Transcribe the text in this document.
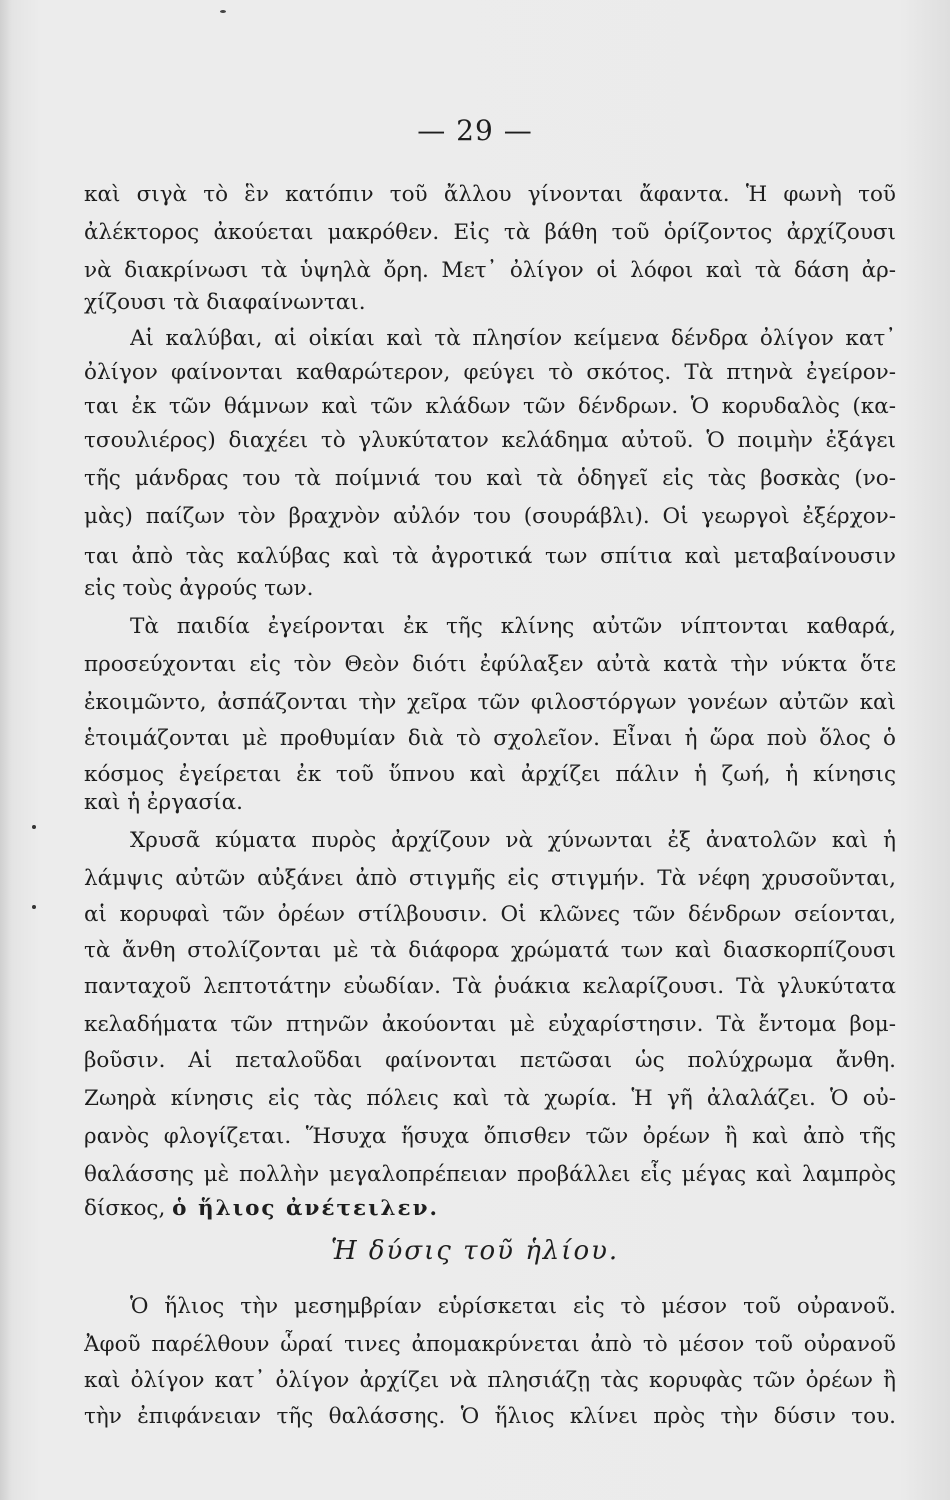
— 29 —
καὶ σιγὰ τὸ ἓν κατόπιν τοῦ ἄλλου γίνονται ἄφαντα. Ἡ φωνὴ τοῦ
ἀλέκτορος ἀκούεται μακρόθεν. Εἰς τὰ βάθη τοῦ ὁρίζοντος ἀρχίζουσι
νὰ διακρίνωσι τὰ ὑψηλὰ ὄρη. Μετ᾽ ὀλίγον οἱ λόφοι καὶ τὰ δάση ἀρ-
χίζουσι τὰ διαφαίνωνται.
Αἱ καλύβαι, αἱ οἰκίαι καὶ τὰ πλησίον κείμενα δένδρα ὀλίγον κατ᾽
ὀλίγον φαίνονται καθαρώτερον, φεύγει τὸ σκότος. Τὰ πτηνὰ ἐγείρον-
ται ἐκ τῶν θάμνων καὶ τῶν κλάδων τῶν δένδρων. Ὁ κορυδαλὸς (κα-
τσουλιέρος) διαχέει τὸ γλυκύτατον κελάδημα αὐτοῦ. Ὁ ποιμὴν ἐξάγει
τῆς μάνδρας του τὰ ποίμνιά του καὶ τὰ ὁδηγεῖ εἰς τὰς βοσκὰς (νο-
μὰς) παίζων τὸν βραχνὸν αὐλόν του (σουράβλι). Οἱ γεωργοὶ ἐξέρχον-
ται ἀπὸ τὰς καλύβας καὶ τὰ ἀγροτικά των σπίτια καὶ μεταβαίνουσιν
εἰς τοὺς ἀγρούς των.
Τὰ παιδία ἐγείρονται ἐκ τῆς κλίνης αὐτῶν νίπτονται καθαρά,
προσεύχονται εἰς τὸν Θεὸν διότι ἐφύλαξεν αὐτὰ κατὰ τὴν νύκτα ὅτε
ἐκοιμῶντο, ἀσπάζονται τὴν χεῖρα τῶν φιλοστόργων γονέων αὐτῶν καὶ
ἑτοιμάζονται μὲ προθυμίαν διὰ τὸ σχολεῖον. Εἶναι ἡ ὥρα ποὺ ὅλος ὁ
κόσμος ἐγείρεται ἐκ τοῦ ὕπνου καὶ ἀρχίζει πάλιν ἡ ζωή, ἡ κίνησις
καὶ ἡ ἐργασία.
Χρυσᾶ κύματα πυρὸς ἀρχίζουν νὰ χύνωνται ἐξ ἀνατολῶν καὶ ἡ
λάμψις αὐτῶν αὐξάνει ἀπὸ στιγμῆς εἰς στιγμήν. Τὰ νέφη χρυσοῦνται,
αἱ κορυφαὶ τῶν ὀρέων στίλβουσιν. Οἱ κλῶνες τῶν δένδρων σείονται,
τὰ ἄνθη στολίζονται μὲ τὰ διάφορα χρώματά των καὶ διασκορπίζουσι
πανταχοῦ λεπτοτάτην εὐωδίαν. Τὰ ῥυάκια κελαρίζουσι. Τὰ γλυκύτατα
κελαδήματα τῶν πτηνῶν ἀκούονται μὲ εὐχαρίστησιν. Τὰ ἔντομα βομ-
βοῦσιν. Αἱ πεταλοῦδαι φαίνονται πετῶσαι ὡς πολύχρωμα ἄνθη.
Ζωηρὰ κίνησις εἰς τὰς πόλεις καὶ τὰ χωρία. Ἡ γῆ ἀλαλάζει. Ὁ οὐ-
ρανὸς φλογίζεται. Ἥσυχα ἥσυχα ὄπισθεν τῶν ὀρέων ἢ καὶ ἀπὸ τῆς
θαλάσσης μὲ πολλὴν μεγαλοπρέπειαν προβάλλει εἷς μέγας καὶ λαμπρὸς
δίσκος, ὁ ἥλιος ἀνέτειλεν.
Ἡ δύσις τοῦ ἡλίου.
Ὁ ἥλιος τὴν μεσημβρίαν εὑρίσκεται εἰς τὸ μέσον τοῦ οὐρανοῦ.
Ἀφοῦ παρέλθουν ὧραί τινες ἀπομακρύνεται ἀπὸ τὸ μέσον τοῦ οὐρανοῦ
καὶ ὀλίγον κατ᾽ ὀλίγον ἀρχίζει νὰ πλησιάζῃ τὰς κορυφὰς τῶν ὀρέων ἢ
τὴν ἐπιφάνειαν τῆς θαλάσσης. Ὁ ἥλιος κλίνει πρὸς τὴν δύσιν του.
